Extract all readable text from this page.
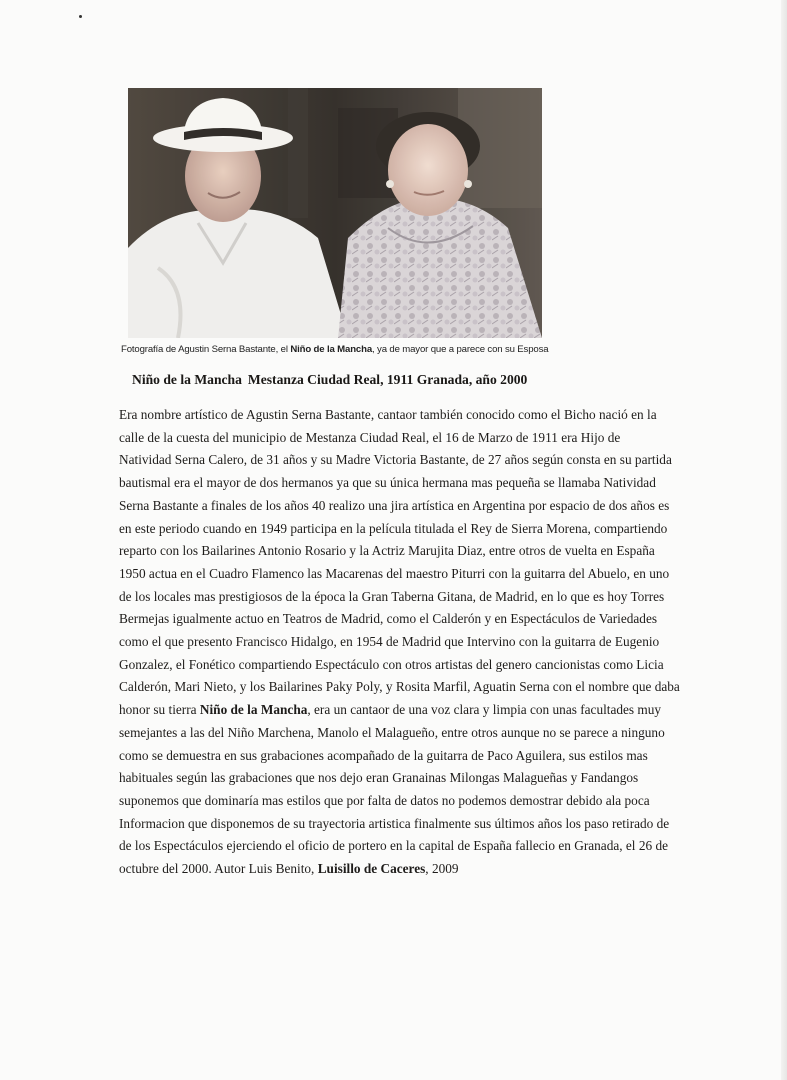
Fotografía de Agustin Serna Bastante, el Niño de la Mancha, ya de mayor que a parece con su Esposa
Niño de la Mancha Mestanza Ciudad Real, 1911 Granada, año 2000
Era nombre artístico de Agustin Serna Bastante, cantaor también conocido como el Bicho nació en la
calle de la cuesta del municipio de Mestanza Ciudad Real, el 16 de Marzo de 1911 era Hijo de
Natividad Serna Calero, de 31 años y su Madre Victoria Bastante, de 27 años según consta en su partida
bautismal era el mayor de dos hermanos ya que su única hermana mas pequeña se llamaba Natividad
Serna Bastante a finales de los años 40 realizo una jira artística en Argentina por espacio de dos años es
en este periodo cuando en 1949 participa en la película titulada el Rey de Sierra Morena, compartiendo
reparto con los Bailarines Antonio Rosario y la Actriz Marujita Diaz, entre otros de vuelta en España
1950 actua en el Cuadro Flamenco las Macarenas del maestro Piturri con la guitarra del Abuelo, en uno
de los locales mas prestigiosos de la época la Gran Taberna Gitana, de Madrid, en lo que es hoy Torres
Bermejas igualmente actuo en Teatros de Madrid, como el Calderón y en Espectáculos de Variedades
como el que presento Francisco Hidalgo, en 1954 de Madrid que Intervino con la guitarra de Eugenio
Gonzalez, el Fonético compartiendo Espectáculo con otros artistas del genero cancionistas como Licia
Calderón, Mari Nieto, y los Bailarines Paky Poly, y Rosita Marfil, Aguatin Serna con el nombre que daba
honor su tierra Niño de la Mancha, era un cantaor de una voz clara y limpia con unas facultades muy
semejantes a las del Niño Marchena, Manolo el Malagueño, entre otros aunque no se parece a ninguno
como se demuestra en sus grabaciones acompañado de la guitarra de Paco Aguilera, sus estilos mas
habituales según las grabaciones que nos dejo eran Granainas Milongas Malagueñas y Fandangos
suponemos que dominaría mas estilos que por falta de datos no podemos demostrar debido ala poca
Informacion que disponemos de su trayectoria artistica finalmente sus últimos años los paso retirado de
de los Espectáculos ejerciendo el oficio de portero en la capital de España fallecio en Granada, el 26 de
octubre del 2000. Autor Luis Benito, Luisillo de Caceres, 2009
